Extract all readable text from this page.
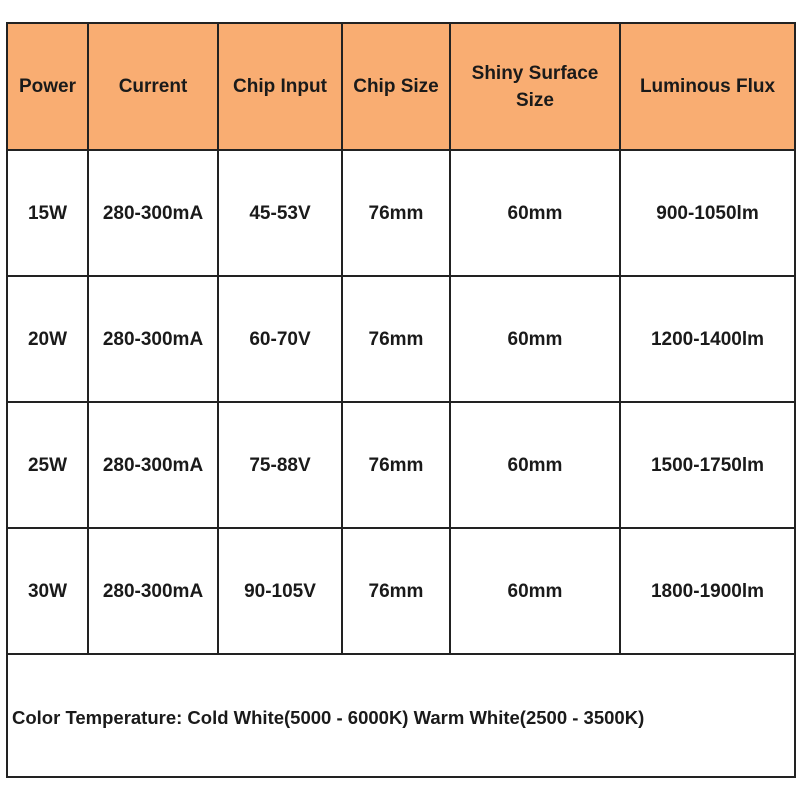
Power	Current	Chip Input	Chip Size	Shiny Surface Size	Luminous Flux
15W	280-300mA	45-53V	76mm	60mm	900-1050lm
20W	280-300mA	60-70V	76mm	60mm	1200-1400lm
25W	280-300mA	75-88V	76mm	60mm	1500-1750lm
30W	280-300mA	90-105V	76mm	60mm	1800-1900lm
Color Temperature: Cold White(5000 - 6000K) Warm White(2500 - 3500K)
